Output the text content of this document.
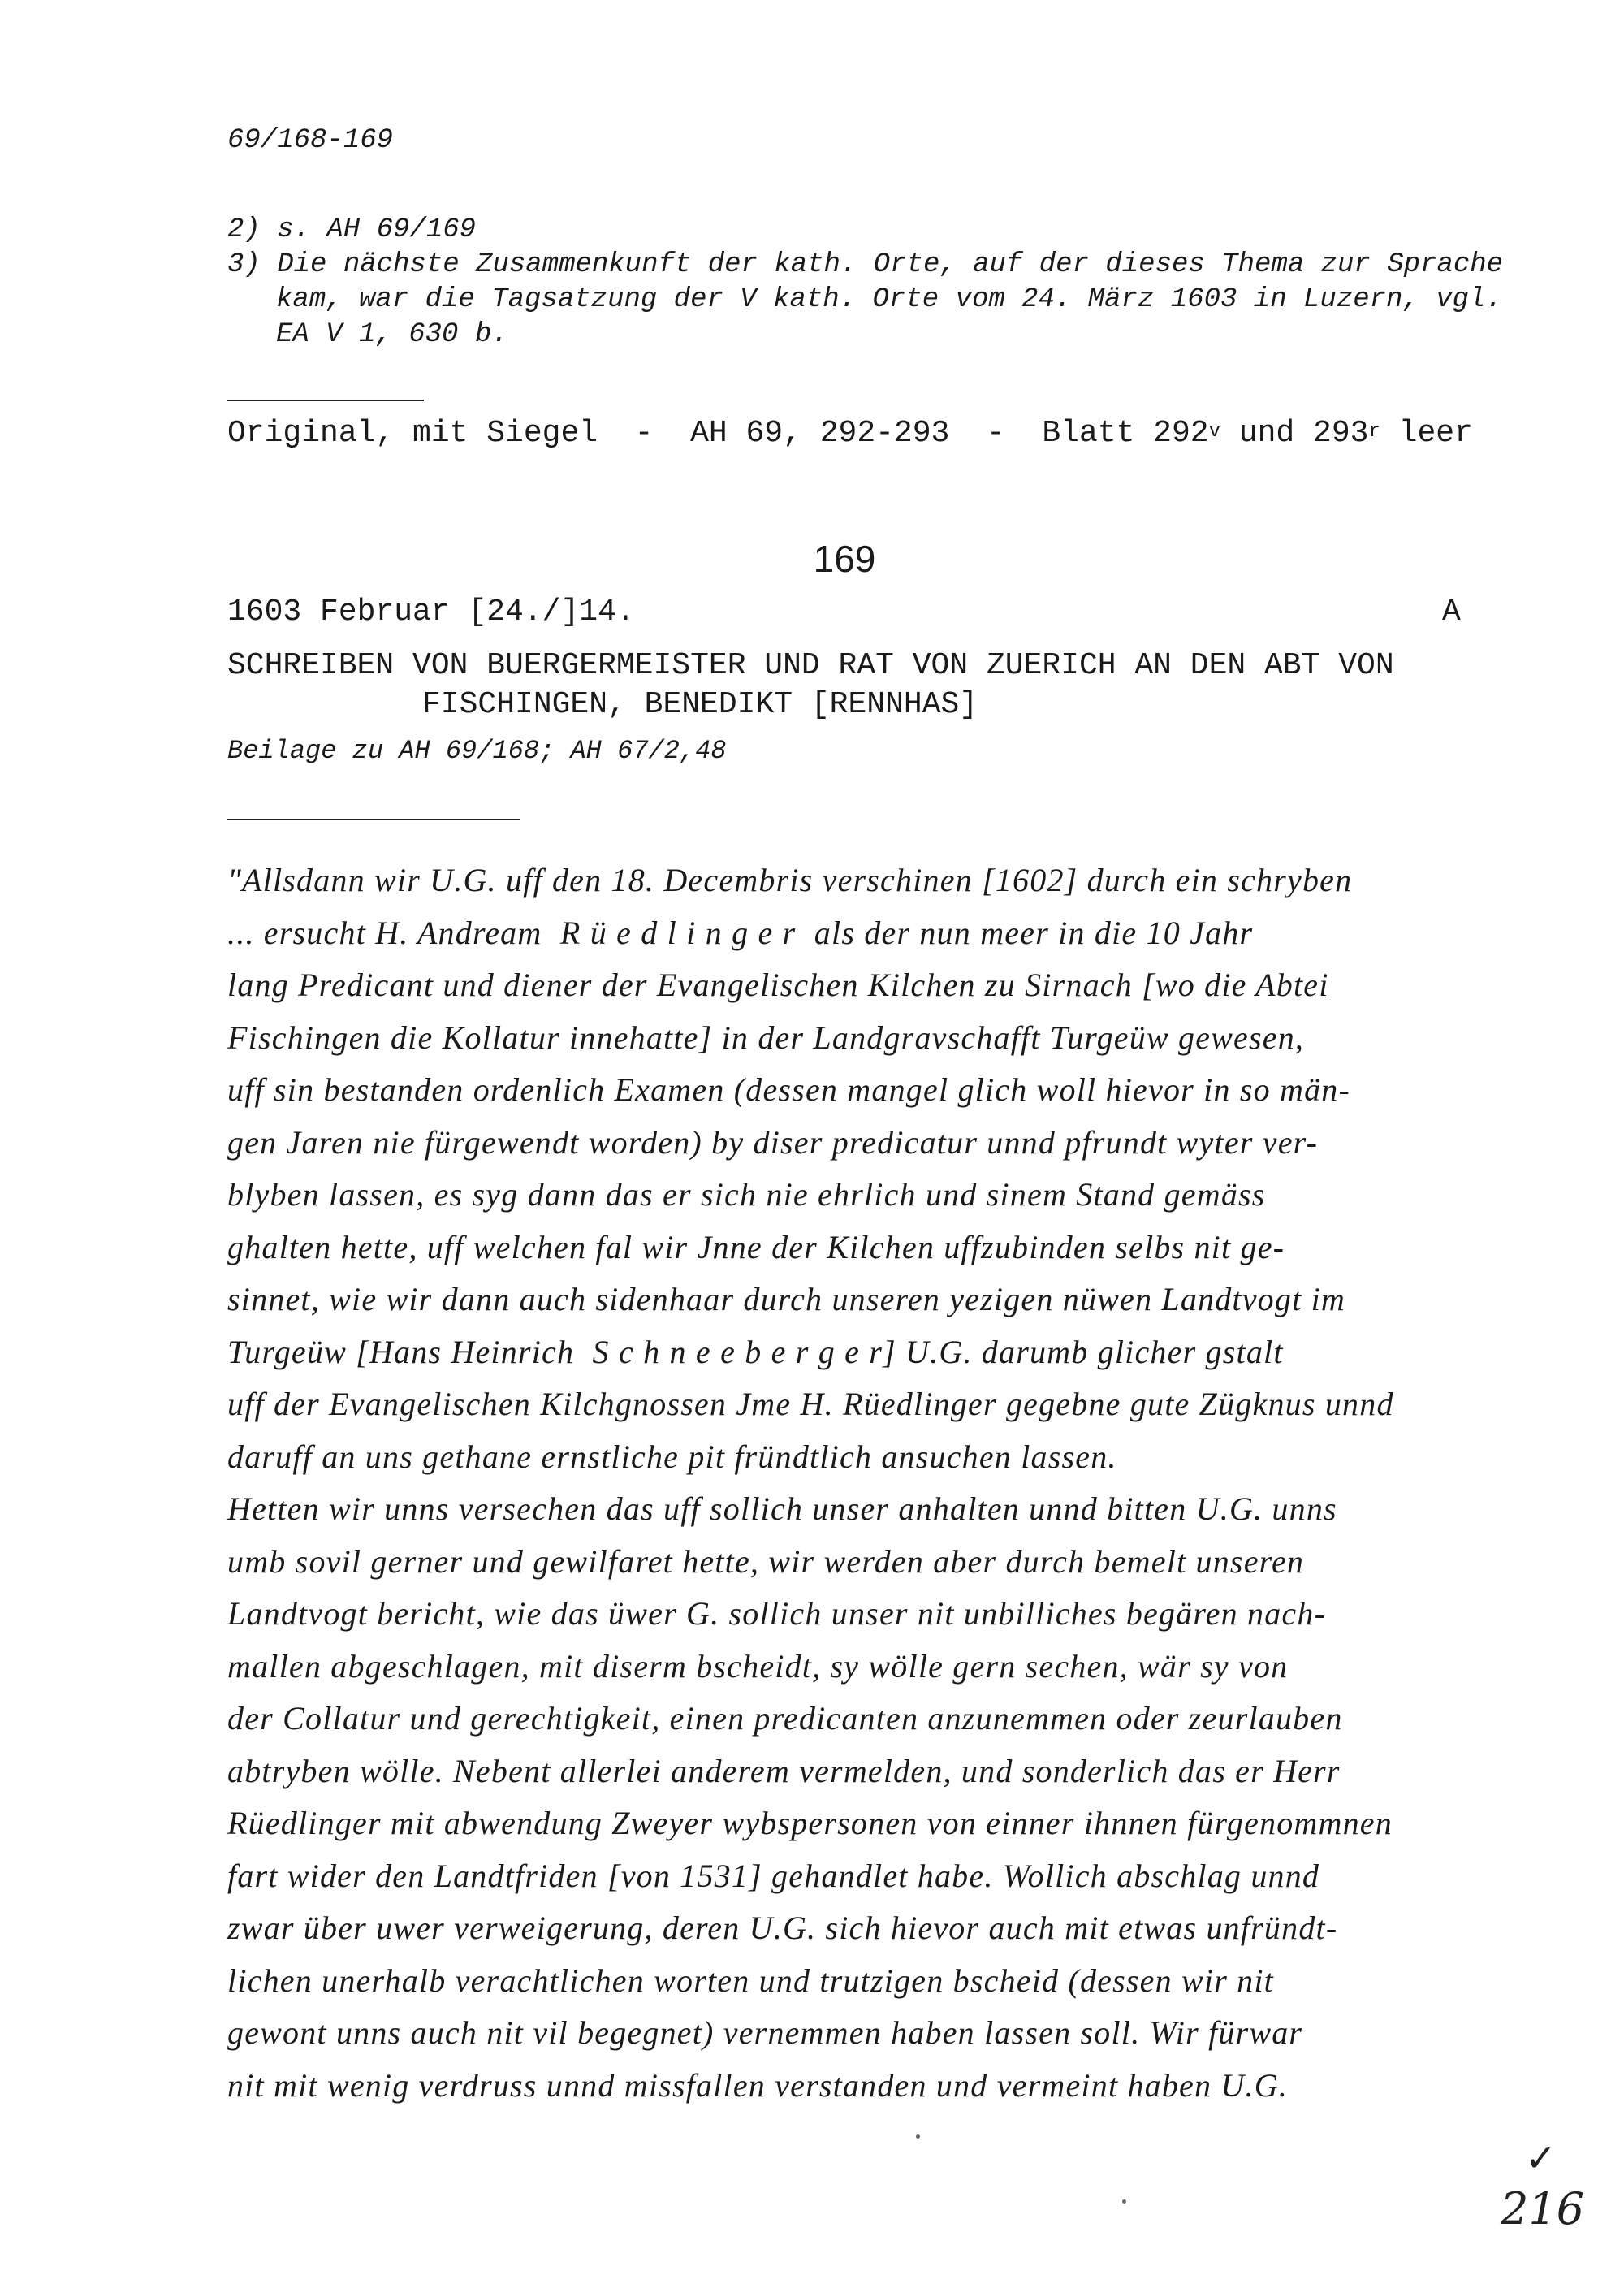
69/168-169
2) s. AH 69/169
3) Die nächste Zusammenkunft der kath. Orte, auf der dieses Thema zur Sprache
kam, war die Tagsatzung der V kath. Orte vom 24. März 1603 in Luzern, vgl.
EA V 1, 630 b.
Original, mit Siegel  -  AH 69, 292-293  -  Blatt 292$^v$ und 293$^r$ leer
169
1603 Februar [24./]14.	A
SCHREIBEN VON BUERGERMEISTER UND RAT VON ZUERICH AN DEN ABT VON
FISCHINGEN, BENEDIKT [RENNHAS]
Beilage zu AH 69/168; AH 67/2,48
"Allsdann wir U.G. uff den 18. Decembris verschinen [1602] durch ein schryben
... ersucht H. Andream  R ü e d l i n g e r  als der nun meer in die 10 Jahr
lang Predicant und diener der Evangelischen Kilchen zu Sirnach [wo die Abtei
Fischingen die Kollatur innehatte] in der Landgravschafft Turgeüw gewesen,
uff sin bestanden ordenlich Examen (dessen mangel glich woll hievor in so män-
gen Jaren nie fürgewendt worden) by diser predicatur unnd pfrundt wyter ver-
blyben lassen, es syg dann das er sich nie ehrlich und sinem Stand gemäss
ghalten hette, uff welchen fal wir Jnne der Kilchen uffzubinden selbs nit ge-
sinnet, wie wir dann auch sidenhaar durch unseren yezigen nüwen Landtvogt im
Turgeüw [Hans Heinrich  S c h n e e b e r g e r] U.G. darumb glicher gstalt
uff der Evangelischen Kilchgnossen Jme H. Rüedlinger gegebne gute Zügknus unnd
daruff an uns gethane ernstliche pit fründtlich ansuchen lassen.
Hetten wir unns versechen das uff sollich unser anhalten unnd bitten U.G. unns
umb sovil gerner und gewilfaret hette, wir werden aber durch bemelt unseren
Landtvogt bericht, wie das üwer G. sollich unser nit unbilliches begären nach-
mallen abgeschlagen, mit diserm bscheidt, sy wölle gern sechen, wär sy von
der Collatur und gerechtigkeit, einen predicanten anzunemmen oder zeurlauben
abtryben wölle. Nebent allerlei anderem vermelden, und sonderlich das er Herr
Rüedlinger mit abwendung Zweyer wybspersonen von einner ihnnen fürgenommnen
fart wider den Landtfriden [von 1531] gehandlet habe. Wollich abschlag unnd
zwar über uwer verweigerung, deren U.G. sich hievor auch mit etwas unfründt-
lichen unerhalb verachtlichen worten und trutzigen bscheid (dessen wir nit
gewont unns auch nit vil begegnet) vernemmen haben lassen soll. Wir fürwar
nit mit wenig verdruss unnd missfallen verstanden und vermeint haben U.G.
✓
216
